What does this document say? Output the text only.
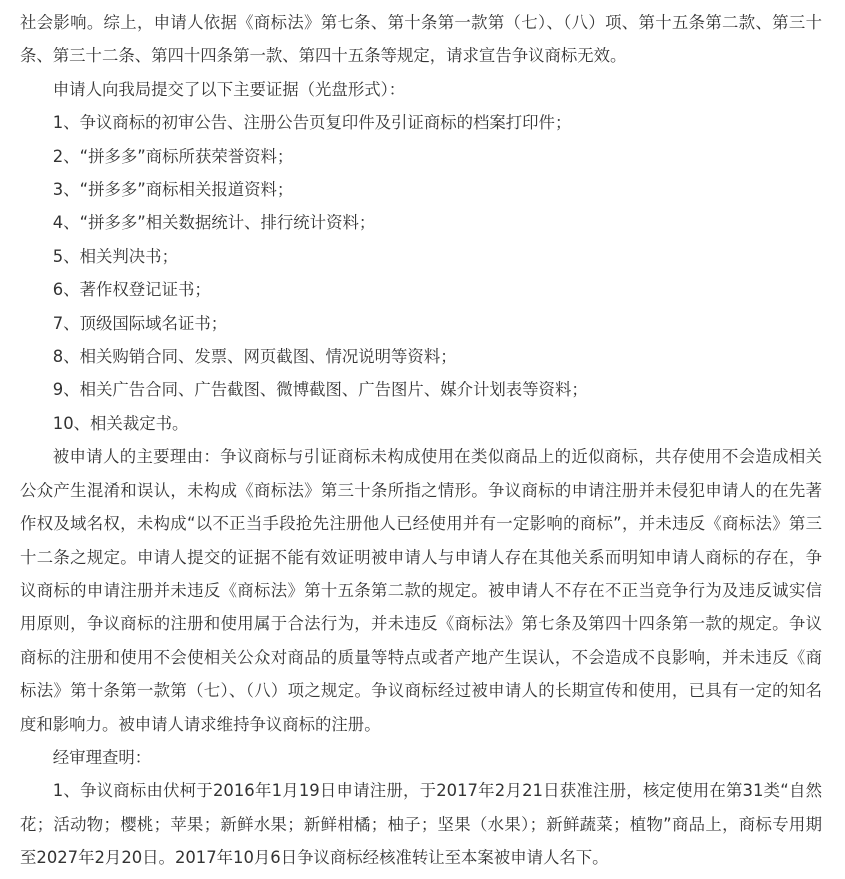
社会影响。综上，申请人依据《商标法》第七条、第十条第一款第（七）、（八）项、第十五条第二款、第三十条、第三十二条、第四十四条第一款、第四十五条等规定，请求宣告争议商标无效。

申请人向我局提交了以下主要证据（光盘形式）：

1、争议商标的初审公告、注册公告页复印件及引证商标的档案打印件；

2、“拼多多”商标所获荣誉资料；

3、“拼多多”商标相关报道资料；

4、“拼多多”相关数据统计、排行统计资料；

5、相关判决书；

6、著作权登记证书；

7、顶级国际域名证书；

8、相关购销合同、发票、网页截图、情况说明等资料；

9、相关广告合同、广告截图、微博截图、广告图片、媒介计划表等资料；

10、相关裁定书。

被申请人的主要理由：争议商标与引证商标未构成使用在类似商品上的近似商标，共存使用不会造成相关公众产生混淆和误认，未构成《商标法》第三十条所指之情形。争议商标的申请注册并未侵犯申请人的在先著作权及域名权，未构成“以不正当手段抢先注册他人已经使用并有一定影响的商标”，并未违反《商标法》第三十二条之规定。申请人提交的证据不能有效证明被申请人与申请人存在其他关系而明知申请人商标的存在，争议商标的申请注册并未违反《商标法》第十五条第二款的规定。被申请人不存在不正当竞争行为及违反诚实信用原则，争议商标的注册和使用属于合法行为，并未违反《商标法》第七条及第四十四条第一款的规定。争议商标的注册和使用不会使相关公众对商品的质量等特点或者产地产生误认，不会造成不良影响，并未违反《商标法》第十条第一款第（七）、（八）项之规定。争议商标经过被申请人的长期宣传和使用，已具有一定的知名度和影响力。被申请人请求维持争议商标的注册。

经审理查明：

1、争议商标由伏柯于2016年1月19日申请注册，于2017年2月21日获准注册，核定使用在第31类“自然花；活动物；樱桃；苹果；新鲜水果；新鲜柑橘；柚子；坚果（水果）；新鲜蔬菜；植物”商品上，商标专用期至2027年2月20日。2017年10月6日争议商标经核准转让至本案被申请人名下。
